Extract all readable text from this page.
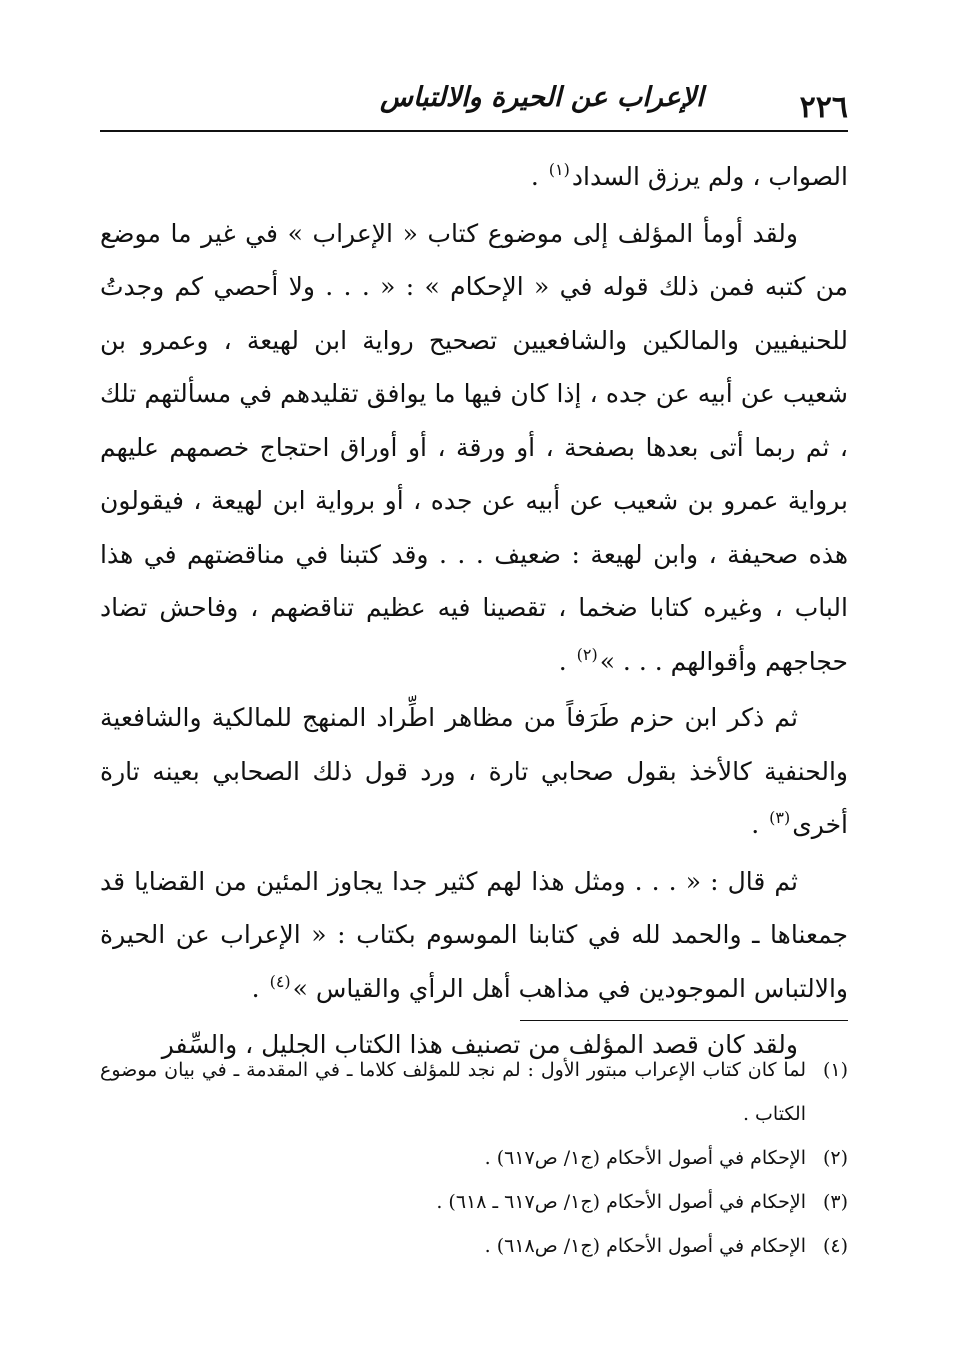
٢٢٦
الإعراب عن الحيرة والالتباس

الصواب ، ولم يرزق السداد$^{(١)}$ .

ولقد أومأ المؤلف إلى موضوع كتاب « الإعراب » في غير ما موضع من كتبه فمن ذلك قوله في « الإحكام » : « . . . ولا أحصي كم وجدتُ للحنيفيين والمالكين والشافعيين تصحيح رواية ابن لهيعة ، وعمرو بن شعيب عن أبيه عن جده ، إذا كان فيها ما يوافق تقليدهم في مسألتهم تلك ، ثم ربما أتى بعدها بصفحة ، أو ورقة ، أو أوراق احتجاج خصمهم عليهم برواية عمرو بن شعيب عن أبيه عن جده ، أو برواية ابن لهيعة ، فيقولون هذه صحيفة ، وابن لهيعة : ضعيف . . . وقد كتبنا في مناقضتهم في هذا الباب ، وغيره كتابا ضخما ، تقصينا فيه عظيم تناقضهم ، وفاحش تضاد حجاجهم وأقوالهم . . . »$^{(٢)}$ .

ثم ذكر ابن حزم طَرَفاً من مظاهر اطِّراد المنهج للمالكية والشافعية والحنفية كالأخذ بقول صحابي تارة ، ورد قول ذلك الصحابي بعينه تارة أخرى$^{(٣)}$ .

ثم قال : « . . . ومثل هذا لهم كثير جدا يجاوز المئين من القضايا قد جمعناها ـ والحمد لله في كتابنا الموسوم بكتاب : « الإعراب عن الحيرة والالتباس الموجودين في مذاهب أهل الرأي والقياس »$^{(٤)}$ .

ولقد كان قصد المؤلف من تصنيف هذا الكتاب الجليل ، والسِّفر

(١)
لما كان كتاب الإعراب مبتور الأول : لم نجد للمؤلف كلاما ـ في المقدمة ـ في بيان موضوع الكتاب .

(٢)
الإحكام في أصول الأحكام (ج١/ ص٦١٧) .

(٣)
الإحكام في أصول الأحكام (ج١/ ص٦١٧ ـ ٦١٨) .

(٤)
الإحكام في أصول الأحكام (ج١/ ص٦١٨) .
